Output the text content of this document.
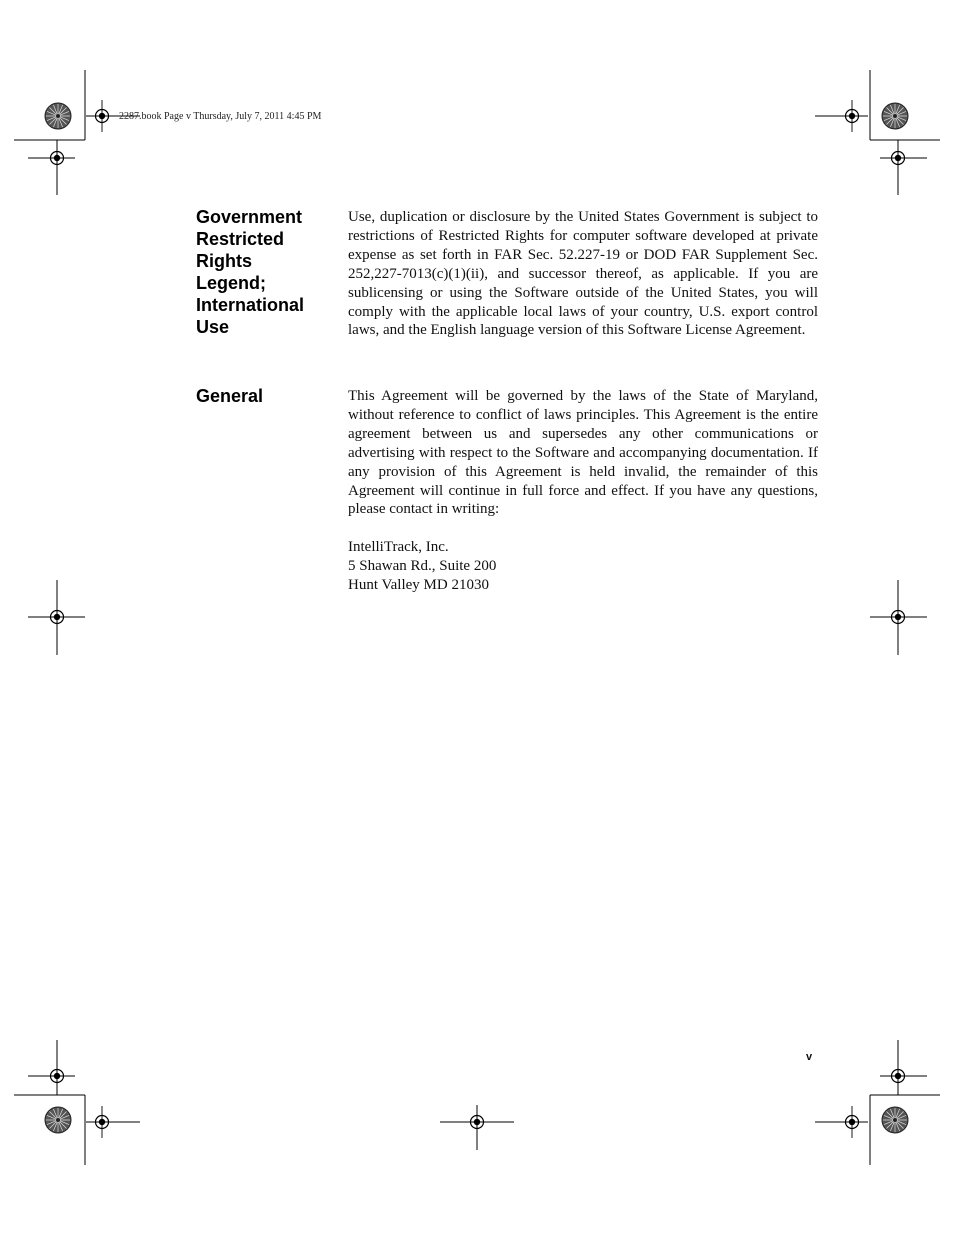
2287.book Page v Thursday, July 7, 2011 4:45 PM
Government
Restricted
Rights
Legend;
International
Use

Use, duplication or disclosure by the United States Government is subject to restrictions of Restricted Rights for computer software developed at private expense as set forth in FAR Sec. 52.227-19 or DOD FAR Supplement Sec. 252,227-7013(c)(1)(ii), and successor thereof, as applicable. If you are sublicensing or using the Software outside of the United States, you will comply with the applicable local laws of your country, U.S. export control laws, and the English language version of this Software License Agreement.

General	This Agreement will be governed by the laws of the State of Maryland, without reference to conflict of laws principles. This Agreement is the entire agreement between us and supersedes any other communications or advertising with respect to the Software and accompanying documentation. If any provision of this Agreement is held invalid, the remainder of this Agreement will continue in full force and effect. If you have any questions, please contact in writing:

IntelliTrack, Inc.
5 Shawan Rd., Suite 200
Hunt Valley MD 21030
v
